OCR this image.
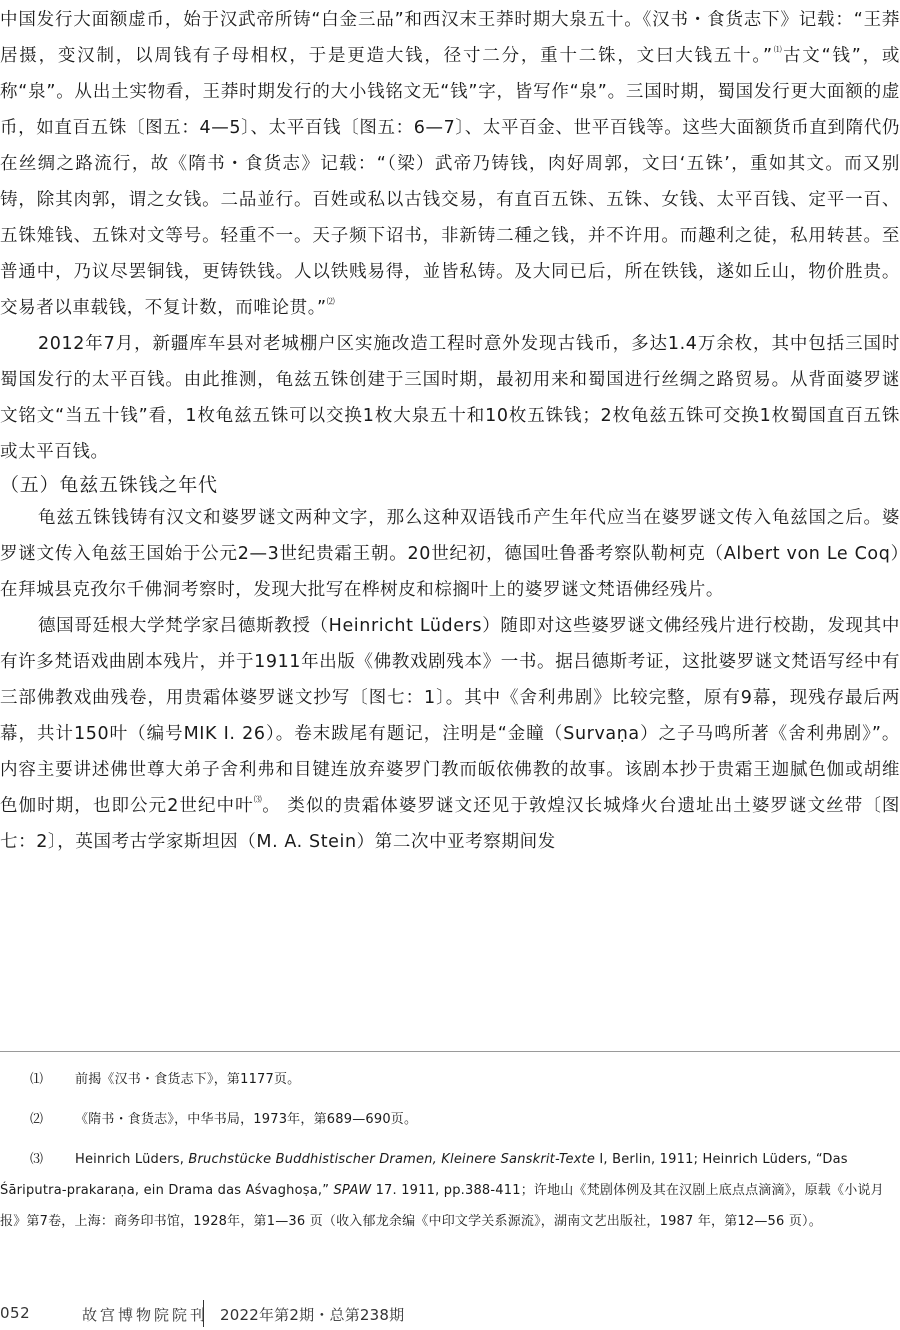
中国发行大面额虚币，始于汉武帝所铸“白金三品”和西汉末王莽时期大泉五十。《汉书・食货志下》记载：“王莽居摄，变汉制，以周钱有子母相权，于是更造大钱，径寸二分，重十二铢，文曰大钱五十。”⑴古文“钱”，或称“泉”。从出土实物看，王莽时期发行的大小钱铭文无“钱”字，皆写作“泉”。三国时期，蜀国发行更大面额的虚币，如直百五铢〔图五：4—5〕、太平百钱〔图五：6—7〕、太平百金、世平百钱等。这些大面额货币直到隋代仍在丝绸之路流行，故《隋书・食货志》记载：“（梁）武帝乃铸钱，肉好周郭，文曰‘五铢’，重如其文。而又别铸，除其肉郭，谓之女钱。二品並行。百姓或私以古钱交易，有直百五铢、五铢、女钱、太平百钱、定平一百、五铢雉钱、五铢对文等号。轻重不一。天子频下诏书，非新铸二種之钱，并不许用。而趣利之徒，私用转甚。至普通中，乃议尽罢铜钱，更铸铁钱。人以铁贱易得，並皆私铸。及大同已后，所在铁钱，遂如丘山，物价胜贵。交易者以車载钱，不复计数，而唯论贯。”⑵

2012年7月，新疆库车县对老城棚户区实施改造工程时意外发现古钱币，多达1.4万余枚，其中包括三国时蜀国发行的太平百钱。由此推测，龟兹五铢创建于三国时期，最初用来和蜀国进行丝绸之路贸易。从背面婆罗谜文铭文“当五十钱”看，1枚龟兹五铢可以交换1枚大泉五十和10枚五铢钱；2枚龟兹五铢可交换1枚蜀国直百五铢或太平百钱。

（五）龟兹五铢钱之年代

龟兹五铢钱铸有汉文和婆罗谜文两种文字，那么这种双语钱币产生年代应当在婆罗谜文传入龟兹国之后。婆罗谜文传入龟兹王国始于公元2—3世纪贵霜王朝。20世纪初，德国吐鲁番考察队勒柯克（Albert von Le Coq）在拜城县克孜尔千佛洞考察时，发现大批写在桦树皮和棕搁叶上的婆罗谜文梵语佛经残片。

德国哥廷根大学梵学家吕德斯教授（Heinricht Lüders）随即对这些婆罗谜文佛经残片进行校勘，发现其中有许多梵语戏曲剧本残片，并于1911年出版《佛教戏剧残本》一书。据吕德斯考证，这批婆罗谜文梵语写经中有三部佛教戏曲残卷，用贵霜体婆罗谜文抄写〔图七：1〕。其中《舍利弗剧》比较完整，原有9幕，现残存最后两幕，共计150叶（编号MIK I. 26）。卷末跋尾有题记，注明是“金瞳（Survaṇa）之子马鸣所著《舍利弗剧》”。内容主要讲述佛世尊大弟子舍利弗和目键连放弃婆罗门教而皈依佛教的故事。该剧本抄于贵霜王迦腻色伽或胡维色伽时期，也即公元2世纪中叶⑶。 类似的贵霜体婆罗谜文还见于敦煌汉长城烽火台遗址出土婆罗谜文丝带〔图七：2〕，英国考古学家斯坦因（M. A. Stein）第二次中亚考察期间发

⑴	前揭《汉书・食货志下》，第1177页。
⑵	《隋书・食货志》，中华书局，1973年，第689—690页。
⑶ Heinrich Lüders, Bruchstücke Buddhistischer Dramen, Kleinere Sanskrit-Texte I, Berlin, 1911; Heinrich Lüders, “Das Śāriputra-prakaraṇa, ein Drama das Aśvaghoṣa,” SPAW 17. 1911, pp.388-411；许地山《梵剧体例及其在汉剧上底点点滴滴》，原载《小说月报》第7卷，上海：商务印书馆，1928年，第1—36 页（收入郁龙余编《中印文学关系源流》，湖南文艺出版社，1987 年，第12—56 页）。
052	故宫博物院院刊 2022年第2期・总第238期
